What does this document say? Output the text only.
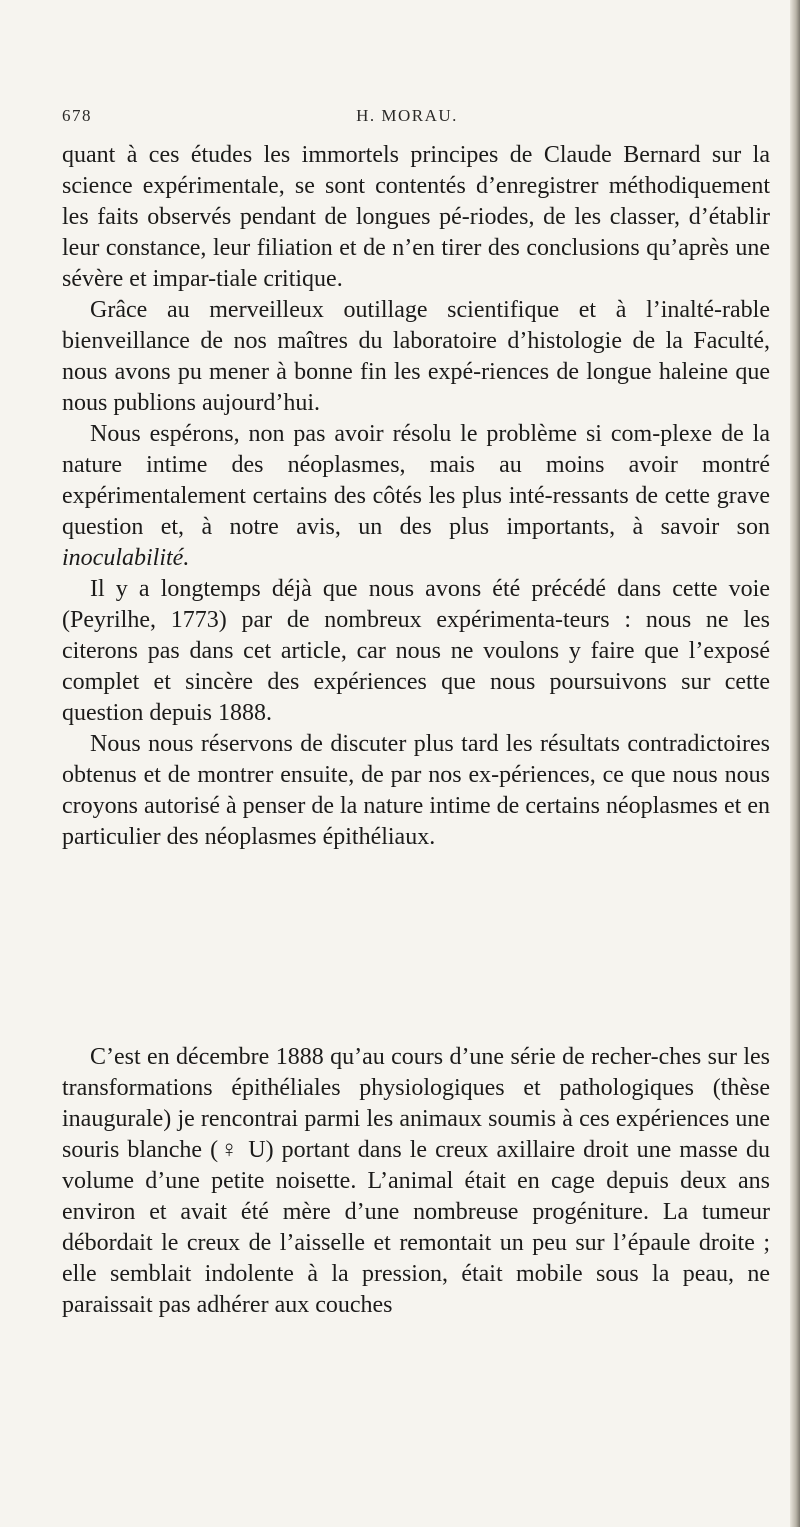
678	H. MORAU.

quant à ces études les immortels principes de Claude Bernard sur la science expérimentale, se sont contentés d’enregistrer méthodiquement les faits observés pendant de longues pé-riodes, de les classer, d’établir leur constance, leur filiation et de n’en tirer des conclusions qu’après une sévère et impar-tiale critique.

Grâce au merveilleux outillage scientifique et à l’inalté-rable bienveillance de nos maîtres du laboratoire d’histologie de la Faculté, nous avons pu mener à bonne fin les expé-riences de longue haleine que nous publions aujourd’hui.

Nous espérons, non pas avoir résolu le problème si com-plexe de la nature intime des néoplasmes, mais au moins avoir montré expérimentalement certains des côtés les plus inté-ressants de cette grave question et, à notre avis, un des plus importants, à savoir son inoculabilité.

Il y a longtemps déjà que nous avons été précédé dans cette voie (Peyrilhe, 1773) par de nombreux expérimenta-teurs : nous ne les citerons pas dans cet article, car nous ne voulons y faire que l’exposé complet et sincère des expériences que nous poursuivons sur cette question depuis 1888.

Nous nous réservons de discuter plus tard les résultats contradictoires obtenus et de montrer ensuite, de par nos ex-périences, ce que nous nous croyons autorisé à penser de la nature intime de certains néoplasmes et en particulier des néoplasmes épithéliaux.

C’est en décembre 1888 qu’au cours d’une série de recher-ches sur les transformations épithéliales physiologiques et pathologiques (thèse inaugurale) je rencontrai parmi les animaux soumis à ces expériences une souris blanche (♀ U) portant dans le creux axillaire droit une masse du volume d’une petite noisette. L’animal était en cage depuis deux ans environ et avait été mère d’une nombreuse progéniture. La tumeur débordait le creux de l’aisselle et remontait un peu sur l’épaule droite ; elle semblait indolente à la pression, était mobile sous la peau, ne paraissait pas adhérer aux couches
